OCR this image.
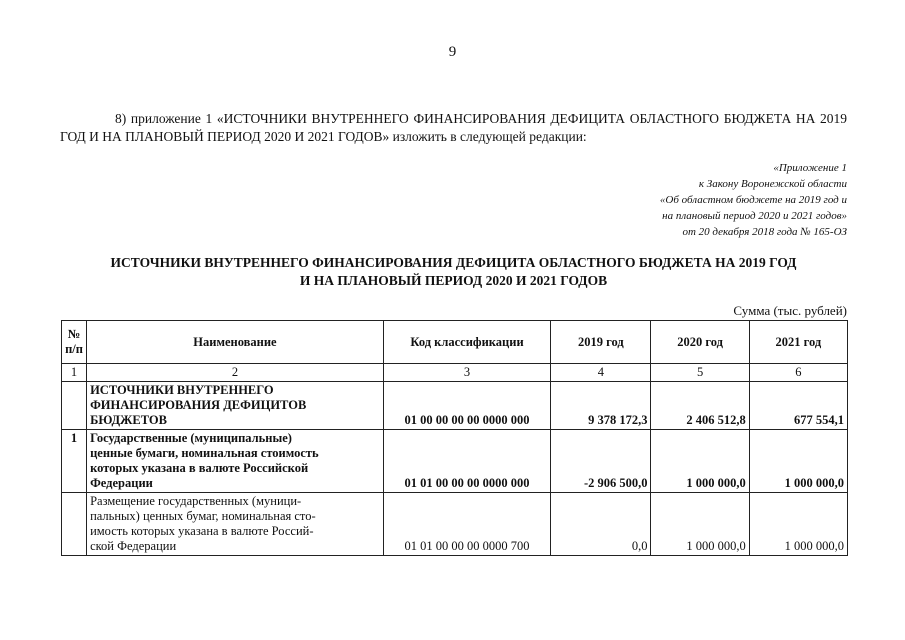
9
8) приложение 1 «ИСТОЧНИКИ ВНУТРЕННЕГО ФИНАНСИРОВАНИЯ ДЕФИЦИТА ОБЛАСТНОГО БЮДЖЕТА НА 2019 ГОД И НА ПЛАНОВЫЙ ПЕРИОД 2020 И 2021 ГОДОВ» изложить в следующей редакции:
«Приложение 1
к Закону Воронежской области
«Об областном бюджете на 2019 год и
на плановый период 2020 и 2021 годов»
от 20 декабря 2018 года № 165-ОЗ
ИСТОЧНИКИ ВНУТРЕННЕГО ФИНАНСИРОВАНИЯ ДЕФИЦИТА ОБЛАСТНОГО БЮДЖЕТА НА 2019 ГОД
И НА ПЛАНОВЫЙ ПЕРИОД 2020 И 2021 ГОДОВ
Сумма (тыс. рублей)
№
п/п	Наименование	Код классификации	2019 год	2020 год	2021 год
1	2	3	4	5	6

	ИСТОЧНИКИ ВНУТРЕННЕГО
ФИНАНСИРОВАНИЯ ДЕФИЦИТОВ
БЮДЖЕТОВ	01 00 00 00 00 0000 000	9 378 172,3	2 406 512,8	677 554,1
1	Государственные (муниципальные)
ценные бумаги, номинальная стоимость
которых указана в валюте Российской
Федерации	01 01 00 00 00 0000 000	-2 906 500,0	1 000 000,0	1 000 000,0

	Размещение государственных (муници-
пальных) ценных бумаг, номинальная сто-
имость которых указана в валюте Россий-
ской Федерации	01 01 00 00 00 0000 700	0,0	1 000 000,0	1 000 000,0
